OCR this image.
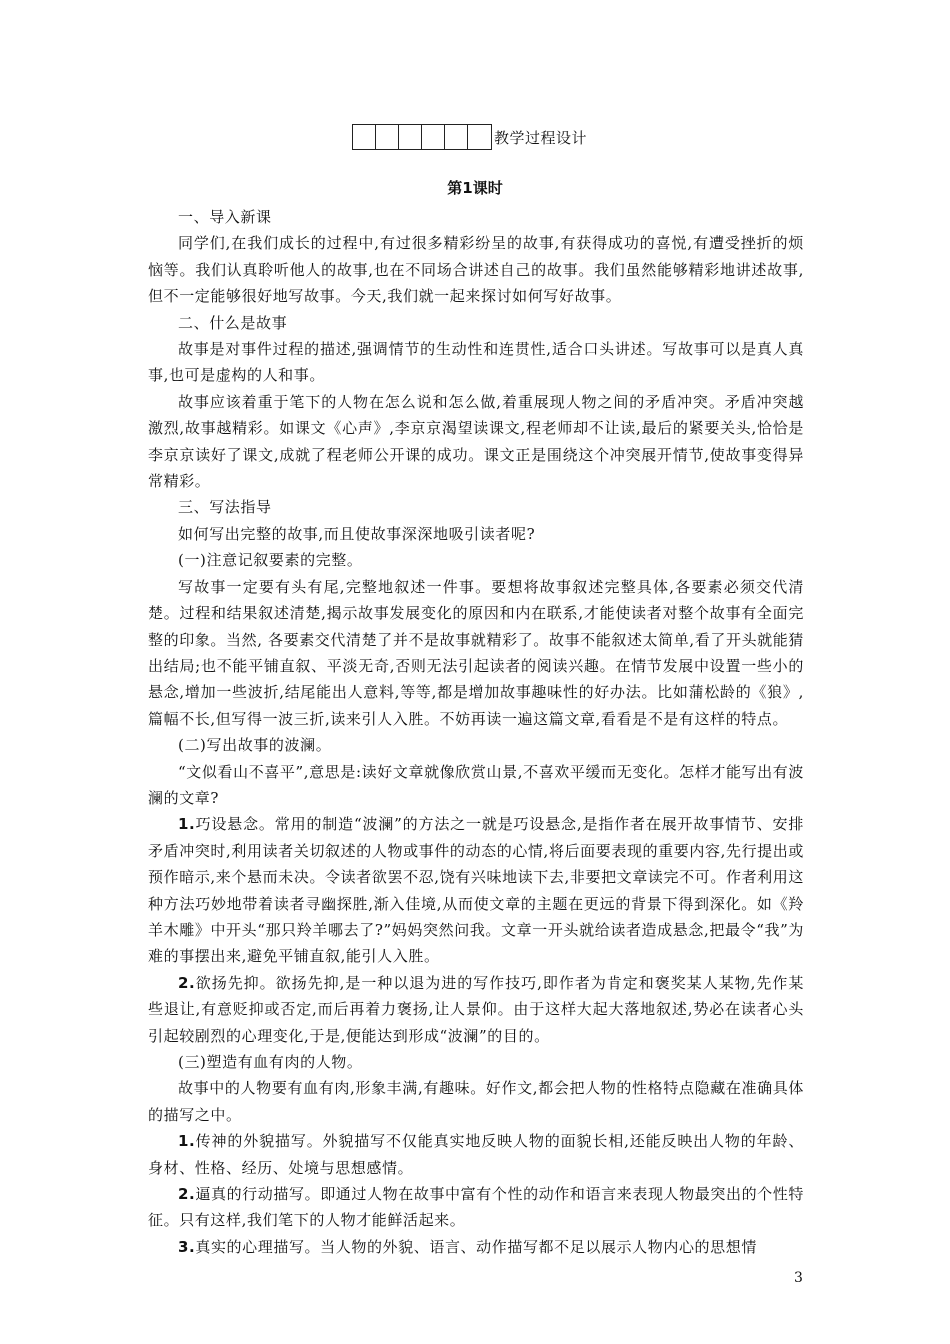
教学过程设计
第1课时

一、导入新课

同学们,在我们成长的过程中,有过很多精彩纷呈的故事,有获得成功的喜悦,有遭受挫折的烦恼等。我们认真聆听他人的故事,也在不同场合讲述自己的故事。我们虽然能够精彩地讲述故事,但不一定能够很好地写故事。今天,我们就一起来探讨如何写好故事。

二、什么是故事

故事是对事件过程的描述,强调情节的生动性和连贯性,适合口头讲述。写故事可以是真人真事,也可是虚构的人和事。

故事应该着重于笔下的人物在怎么说和怎么做,着重展现人物之间的矛盾冲突。矛盾冲突越激烈,故事越精彩。如课文《心声》,李京京渴望读课文,程老师却不让读,最后的紧要关头,恰恰是李京京读好了课文,成就了程老师公开课的成功。课文正是围绕这个冲突展开情节,使故事变得异常精彩。

三、写法指导

如何写出完整的故事,而且使故事深深地吸引读者呢?

(一)注意记叙要素的完整。

写故事一定要有头有尾,完整地叙述一件事。要想将故事叙述完整具体,各要素必须交代清楚。过程和结果叙述清楚,揭示故事发展变化的原因和内在联系,才能使读者对整个故事有全面完整的印象。当然, 各要素交代清楚了并不是故事就精彩了。故事不能叙述太简单,看了开头就能猜出结局;也不能平铺直叙、平淡无奇,否则无法引起读者的阅读兴趣。在情节发展中设置一些小的悬念,增加一些波折,结尾能出人意料,等等,都是增加故事趣味性的好办法。比如蒲松龄的《狼》,篇幅不长,但写得一波三折,读来引人入胜。不妨再读一遍这篇文章,看看是不是有这样的特点。

(二)写出故事的波澜。

“文似看山不喜平”,意思是:读好文章就像欣赏山景,不喜欢平缓而无变化。怎样才能写出有波澜的文章?

1.巧设悬念。常用的制造“波澜”的方法之一就是巧设悬念,是指作者在展开故事情节、安排矛盾冲突时,利用读者关切叙述的人物或事件的动态的心情,将后面要表现的重要内容,先行提出或预作暗示,来个悬而未决。令读者欲罢不忍,饶有兴味地读下去,非要把文章读完不可。作者利用这种方法巧妙地带着读者寻幽探胜,渐入佳境,从而使文章的主题在更远的背景下得到深化。如《羚羊木雕》中开头“那只羚羊哪去了?”妈妈突然问我。文章一开头就给读者造成悬念,把最令“我”为难的事摆出来,避免平铺直叙,能引人入胜。

2.欲扬先抑。欲扬先抑,是一种以退为进的写作技巧,即作者为肯定和褒奖某人某物,先作某些退让,有意贬抑或否定,而后再着力褒扬,让人景仰。由于这样大起大落地叙述,势必在读者心头引起较剧烈的心理变化,于是,便能达到形成“波澜”的目的。

(三)塑造有血有肉的人物。

故事中的人物要有血有肉,形象丰满,有趣味。好作文,都会把人物的性格特点隐藏在准确具体的描写之中。

1.传神的外貌描写。外貌描写不仅能真实地反映人物的面貌长相,还能反映出人物的年龄、身材、性格、经历、处境与思想感情。

2.逼真的行动描写。即通过人物在故事中富有个性的动作和语言来表现人物最突出的个性特征。只有这样,我们笔下的人物才能鲜活起来。

3.真实的心理描写。当人物的外貌、语言、动作描写都不足以展示人物内心的思想情

3
